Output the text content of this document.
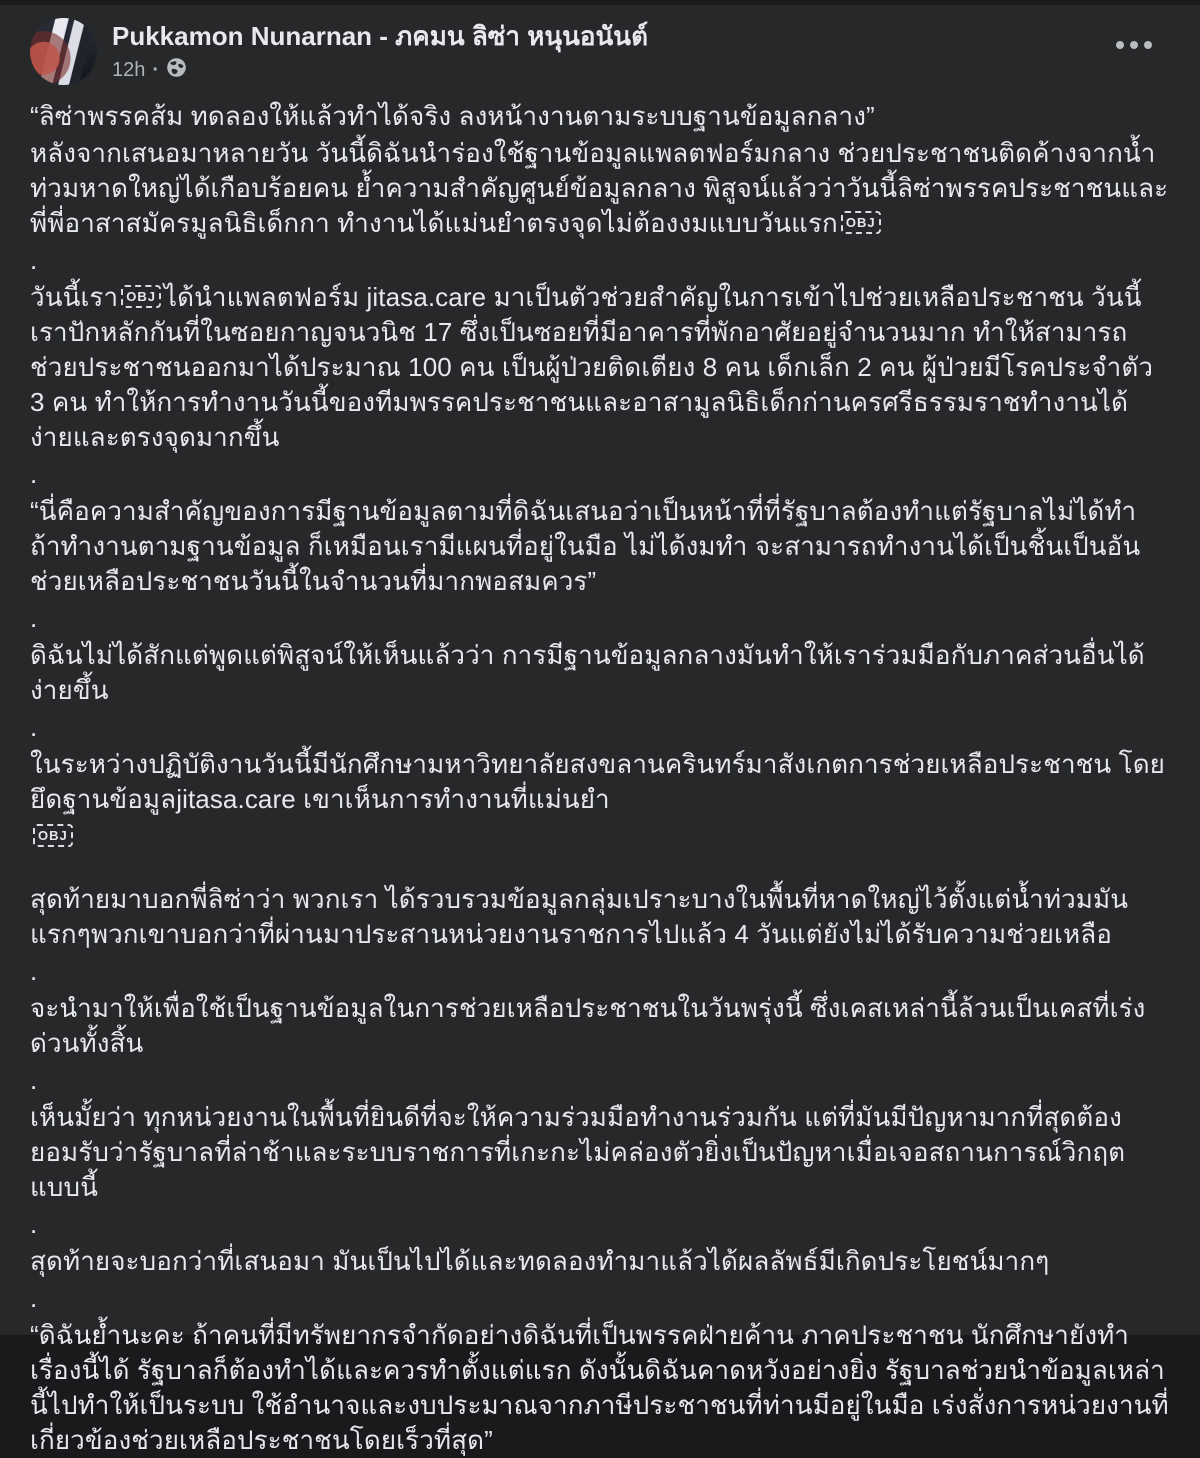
Pukkamon Nunarnan - ภคมน ลิซ่า หนุนอนันต์
12h ·
“ลิซ่าพรรคส้ม ทดลองให้แล้วทำได้จริง ลงหน้างานตามระบบฐานข้อมูลกลาง”
หลังจากเสนอมาหลายวัน วันนี้ดิฉันนำร่องใช้ฐานข้อมูลแพลตฟอร์มกลาง ช่วยประชาชนติดค้างจากน้ำท่วมหาดใหญ่ได้เกือบร้อยคน ย้ำความสำคัญศูนย์ข้อมูลกลาง พิสูจน์แล้วว่าวันนี้ลิซ่าพรรคประชาชนและ พี่พี่อาสาสมัครมูลนิธิเด็กกา ทำงานได้แม่นยำตรงจุดไม่ต้องงมแบบวันแรก OBJ
.
วันนี้เรา OBJ ได้นำแพลตฟอร์ม jitasa.care มาเป็นตัวช่วยสำคัญในการเข้าไปช่วยเหลือประชาชน วันนี้เราปักหลักกันที่ในซอยกาญจนวนิช 17 ซึ่งเป็นซอยที่มีอาคารที่พักอาศัยอยู่จำนวนมาก ทำให้สามารถช่วยประชาชนออกมาได้ประมาณ 100 คน เป็นผู้ป่วยติดเตียง 8 คน เด็กเล็ก 2 คน ผู้ป่วยมีโรคประจำตัว 3 คน ทำให้การทำงานวันนี้ของทีมพรรคประชาชนและอาสามูลนิธิเด็กก่านครศรีธรรมราชทำงานได้ง่ายและตรงจุดมากขึ้น
.
“นี่คือความสำคัญของการมีฐานข้อมูลตามที่ดิฉันเสนอว่าเป็นหน้าที่ที่รัฐบาลต้องทำแต่รัฐบาลไม่ได้ทำ ถ้าทำงานตามฐานข้อมูล ก็เหมือนเรามีแผนที่อยู่ในมือ ไม่ได้งมทำ จะสามารถทำงานได้เป็นชิ้นเป็นอัน ช่วยเหลือประชาชนวันนี้ในจำนวนที่มากพอสมควร”
.
ดิฉันไม่ได้สักแต่พูดแต่พิสูจน์ให้เห็นแล้วว่า การมีฐานข้อมูลกลางมันทำให้เราร่วมมือกับภาคส่วนอื่นได้ง่ายขึ้น
.
ในระหว่างปฏิบัติงานวันนี้มีนักศึกษามหาวิทยาลัยสงขลานครินทร์มาสังเกตการช่วยเหลือประชาชน โดยยึดฐานข้อมูลjitasa.care เขาเห็นการทำงานที่แม่นยำ
OBJ
สุดท้ายมาบอกพี่ลิซ่าว่า พวกเรา ได้รวบรวมข้อมูลกลุ่มเปราะบางในพื้นที่หาดใหญ่ไว้ตั้งแต่น้ำท่วมมันแรกๆพวกเขาบอกว่าที่ผ่านมาประสานหน่วยงานราชการไปแล้ว 4 วันแต่ยังไม่ได้รับความช่วยเหลือ
.
จะนำมาให้เพื่อใช้เป็นฐานข้อมูลในการช่วยเหลือประชาชนในวันพรุ่งนี้ ซึ่งเคสเหล่านี้ล้วนเป็นเคสที่เร่งด่วนทั้งสิ้น
.
เห็นมั้ยว่า ทุกหน่วยงานในพื้นที่ยินดีที่จะให้ความร่วมมือทำงานร่วมกัน แต่ที่มันมีปัญหามากที่สุดต้องยอมรับว่ารัฐบาลที่ล่าช้าและระบบราชการที่เกะกะไม่คล่องตัวยิ่งเป็นปัญหาเมื่อเจอสถานการณ์วิกฤตแบบนี้
.
สุดท้ายจะบอกว่าที่เสนอมา มันเป็นไปได้และทดลองทำมาแล้วได้ผลลัพธ์มีเกิดประโยชน์มากๆ
.
“ดิฉันย้ำนะคะ ถ้าคนที่มีทรัพยากรจำกัดอย่างดิฉันที่เป็นพรรคฝ่ายค้าน ภาคประชาชน นักศึกษายังทำเรื่องนี้ได้ รัฐบาลก็ต้องทำได้และควรทำตั้งแต่แรก ดังนั้นดิฉันคาดหวังอย่างยิ่ง รัฐบาลช่วยนำข้อมูลเหล่านี้ไปทำให้เป็นระบบ ใช้อำนาจและงบประมาณจากภาษีประชาชนที่ท่านมีอยู่ในมือ เร่งสั่งการหน่วยงานที่เกี่ยวข้องช่วยเหลือประชาชนโดยเร็วที่สุด”
